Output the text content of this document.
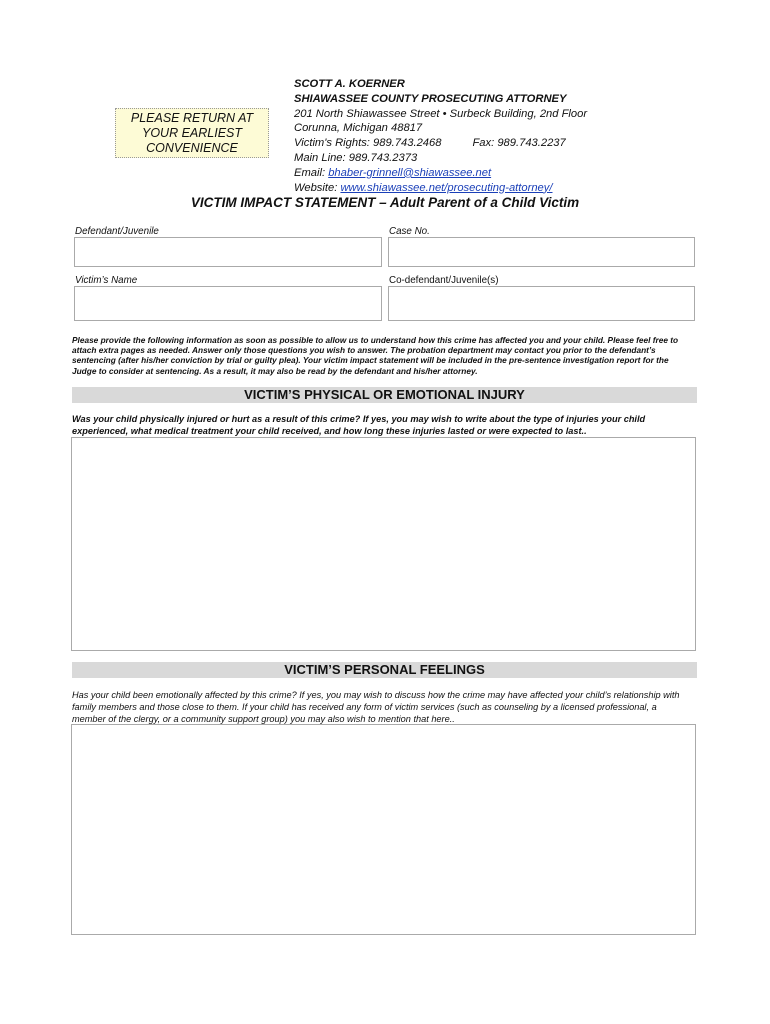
PLEASE RETURN AT
YOUR EARLIEST
CONVENIENCE
SCOTT A. KOERNER
SHIAWASSEE COUNTY PROSECUTING ATTORNEY
201 North Shiawassee Street • Surbeck Building, 2nd Floor
Corunna, Michigan 48817
Victim's Rights: 989.743.2468	Fax: 989.743.2237
Main Line: 989.743.2373
Email: bhaber-grinnell@shiawassee.net
Website: www.shiawassee.net/prosecuting-attorney/
VICTIM IMPACT STATEMENT – Adult Parent of a Child Victim
Defendant/Juvenile	Case No.
Victim’s Name	Co-defendant/Juvenile(s)
Please provide the following information as soon as possible to allow us to understand how this crime has affected you and your child. Please feel free to attach extra pages as needed. Answer only those questions you wish to answer. The probation department may contact you prior to the defendant’s sentencing (after his/her conviction by trial or guilty plea). Your victim impact statement will be included in the pre-sentence investigation report for the Judge to consider at sentencing. As a result, it may also be read by the defendant and his/her attorney.
VICTIM’S PHYSICAL OR EMOTIONAL INJURY
Was your child physically injured or hurt as a result of this crime? If yes, you may wish to write about the type of injuries your child experienced, what medical treatment your child received, and how long these injuries lasted or were expected to last..
VICTIM’S PERSONAL FEELINGS
Has your child been emotionally affected by this crime? If yes, you may wish to discuss how the crime may have affected your child’s relationship with family members and those close to them. If your child has received any form of victim services (such as counseling by a licensed professional, a member of the clergy, or a community support group) you may also wish to mention that here..
